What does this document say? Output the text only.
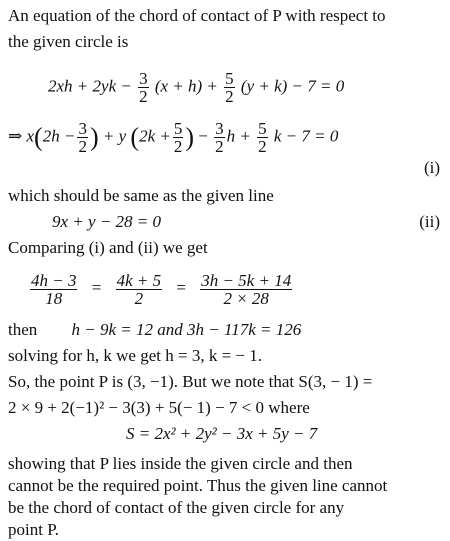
An equation of the chord of contact of P with respect to
the given circle is
$2xh + 2yk - \frac{3}{2} (x + h) + \frac{5}{2} (y + k) - 7 = 0$
⇒ $x(2h - \frac{3}{2}$ ) + y ($2k + \frac{5}{2}$ ) − $\frac{3}{2}$ $h + \frac{5}{2}$ k − 7 = 0
(i)
which should be same as the given line
9x + y − 28 = 0	(ii)
Comparing (i) and (ii) we get
$\frac{4h - 3}{18} = \frac{4k + 5}{2} = \frac{3h - 5k + 14}{2 \times 28}$
then h − 9k = 12 and 3h − 117k = 126
solving for h, k we get h = 3, k = − 1.
So, the point P is (3, −1). But we note that S(3, − 1) =
2 × 9 + 2(−1)² − 3(3) + 5(− 1) − 7 < 0 where
S = 2x² + 2y² − 3x + 5y − 7
showing that P lies inside the given circle and then
cannot be the required point. Thus the given line cannot
be the chord of contact of the given circle for any
point P.
